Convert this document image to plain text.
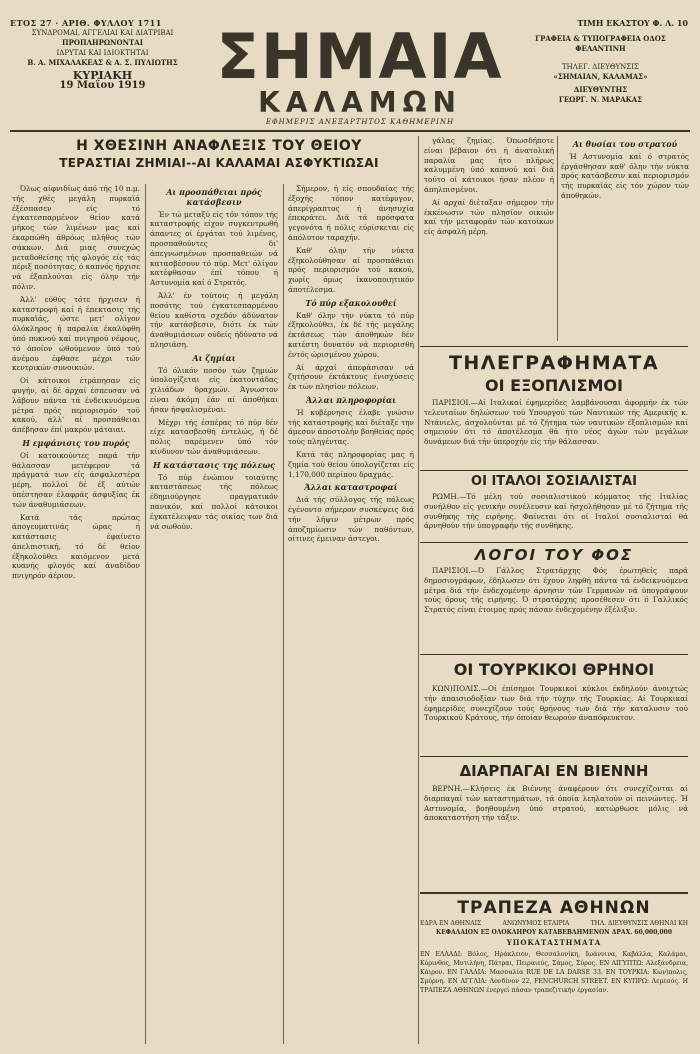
ΕΤΟΣ 27 · ΑΡΙΘ. ΦΥΛΛΟΥ 1711
ΣΥΝΔΡΟΜΑΙ, ΑΓΓΕΛΙΑΙ ΚΑΙ ΔΙΑΤΡΙΒΑΙ
ΠΡΟΠΛΗΡΩΝΟΝΤΑΙ
ΙΔΡΥΤΑΙ ΚΑΙ ΙΔΙΟΚΤΗΤΑΙ
Β. Α. ΜΙΧΑΛΑΚΕΑΣ & Α. Σ. ΠΥΛΙΩΤΗΣ
ΚΥΡΙΑΚΗ
19 Μαΐου 1919	ΣΗΜΑΙΑ
ΚΑΛΑΜΩΝ
ΕΦΗΜΕΡΙΣ ΑΝΕΞΑΡΤΗΤΟΣ ΚΑΘΗΜΕΡΙΝΗ
ΤΙΜΗ ΕΚΑΣΤΟΥ Φ. Λ. 10
ΓΡΑΦΕΙΑ & ΤΥΠΟΓΡΑΦΕΙΑ ΟΔΟΣ ΦΕΛΑΝΤΙΝΗ
ΤΗΛΕΓ. ΔΙΕΥΘΥΝΣΙΣ
«ΣΗΜΑΙΑΝ, ΚΑΛΑΜΑΣ»
ΔΙΕΥΘΥΝΤΗΣ
ΓΕΩΡΓ. Ν. ΜΑΡΑΚΑΣ
Η ΧΘΕΣΙΝΗ ΑΝΑΦΛΕΞΙΣ ΤΟΥ ΘΕΙΟΥ
ΤΕΡΑΣΤΙΑΙ ΖΗΜΙΑΙ--ΑΙ ΚΑΛΑΜΑΙ ΑΣΦΥΚΤΙΩΣΑΙ

Όλως αίφνιδίως άπό τής 10 π.μ. τής χθές μεγάλη πυρκαϊά έξέσπασεν είς τό έγκατεσπαρμένον θείον κατά μήκος τών λιμένων μας καί έκαρπώθη άθρόως πλήθος τών σάκκων. Διά μιας συνεχώς μεταδοθείσης τής φλογός είς τάς πέριξ ποσότητας, ό καπνός ήρχισε νά έξαπλούται είς όλην τήν πόλιν.

Άλλ' εύθύς τότε ήρχισεν ή καταστροφή καί ή έπεκτασις τής πυρκαϊάς, ώστε μετ' ολίγον όλόκληρος ή παραλία έκαλύφθη ύπό πυκνού καί πνιγηρού νέφους, τό όποίον ώθούμενον ύπό τού άνέμου έφθασε μέχρι τών κεντρικών συνοικιών.

Οί κάτοικοι έτράπησαν είς φυγήν, αί δέ άρχαί έσπευσαν νά λάβουν πάντα τά ένδεικνυόμενα μέτρα πρός περιορισμόν τού κακού, άλλ' αί προσπάθειαι άπέβησαν έπί μακρόν μάταιαι.

Η εμφάνισις του πυρός

Οί κατοικούντες παρά τήν θάλασσαν μετέφερον τά πράγματά των είς άσφαλεστέρα μέρη, πολλοί δέ έξ αύτών ύπέστησαν έλαφράς άσφυξίας έκ τών άναθυμιάσεων.

Κατά τάς πρώτας άπογευματινάς ώρας ή κατάστασις έφαίνετο άπελπιστική, τό δέ θείον έξηκολούθει καιόμενον μετά κυανής φλογός καί άναδίδον πνιγηρόν άέριον.

Αι προσπάθειαι πρός κατάσβεσιν

Έν τώ μεταξύ είς τόν τόπον τής καταστροφής είχον συγκεντρωθή άπαντες οί έργάται τού λιμένος, προσπαθούντες δι' άπεγνωσμένων προσπαθειών νά κατασβέσουν τό πύρ. Μετ' όλίγον κατέφθασαν έπί τόπου ή Αστυνομία καί ό Στρατός.

Άλλ' έν τούτοις ή μεγάλη ποσότης τού έγκατεσπαρμένου θείου καθίστα σχεδόν άδύνατον τήν κατάσβεσιν, διότι έκ τών άναθυμιάσεων ούδείς ήδύνατο νά πλησιάση.

Αι ζημίαι

Τό όλικόν ποσόν τών ζημιών ύπολογίζεται είς έκατοντάδας χιλιάδων δραχμών. Άγνωστον είναι άκόμη έάν αί άποθήκαι ήσαν ήσφαλισμέναι.

Μέχρι τής έσπέρας τό πύρ δέν είχε κατασβεσθή έντελώς, ή δέ πόλις παρέμενεν ύπό τόν κίνδυνον τών άναθυμιάσεων.

Η κατάστασις της πόλεως

Τό πύρ ένώπιον τοιαύτης καταστάσεως τής πόλεως έδημιούργησε πραγματικόν πανικόν, καί πολλοί κάτοικοι έγκατέλειψαν τάς οικίας των διά νά σωθούν.

Σήμερον, ή είς σπουδαίας τής έξοχής τόπον κατέφυγον, άπερίγραπτος ή άνησυχία έπεκράτει. Διά τά πρόσφατα γεγονότα ή πόλις εύρίσκεται είς άπόλυτον ταραχήν.

Καθ' όλην τήν νύκτα έξηκολούθησαν αί προσπάθειαι πρός περιορισμόν τού κακού, χωρίς όμως ίκανοποιητικόν άποτέλεσμα.

Τό πύρ εξακολουθεί

Καθ' όλην τήν νύκτα τό πύρ έξηκολούθει, έκ δέ τής μεγάλης έκτάσεως τών άποθηκών δέν κατέστη δυνατόν νά περιορισθή έντός ώρισμένου χώρου.

Αί άρχαί άπεφάσισαν νά ζητήσουν έκτάκτους ένισχύσεις έκ τών πλησίον πόλεων.

Άλλαι πληροφορίαι

Ή κυβέρνησις έλαβε γνώσιν τής καταστροφής καί διέταξε την άμεσον άποστολήν βοηθείας πρός τούς πληγέντας.

Κατά τάς πληροφορίας μας ή ζημία τού θείου ύπολογίζεται είς 1,170,000 περίπου δραχμάς.

Άλλαι καταστροφαί

Διά τής σύλλογος τής πόλεως έγένοντο σήμερον συσκέψεις διά τήν λήψιν μέτρων πρός άποζημίωσιν τών παθόντων, οίτινες έμειναν άστεγοι.

γάλας ζημίας. Όπωσδήποτε είναι βέβαιον ότι ή άνατολική παραλία μας ήτο πλήρως καλυμμένη ύπό καπνού καί διά τούτο οί κάτοικοι ήσαν πλέον ή άπηλπισμένοι.

Αί αρχαί διέταξαν σήμερον τήν έκκένωσιν τών πλησίον οικιών καί τήν μεταφοράν τών κατοίκων είς άσφαλή μέρη.

Αι θυσίαι του στρατού

Ή Αστυνομία καί ό στρατός έργάσθησαν καθ' όλην τήν νύκτα πρός κατάσβεσιν καί περιορισμόν τής πυρκαϊάς είς τόν χώρον τών άποθηκών.

ΤΗΛΕΓΡΑΦΗΜΑΤΑ
ΟΙ ΕΞΟΠΛΙΣΜΟΙ

ΠΑΡΙΣΙΟΙ.—Αί Ιταλικαί έφημερίδες λαμβάνουσαι άφορμήν έκ τών τελευταίων δηλώσεων τού Υπουργού τών Ναυτικών τής Αμερικής κ. Ντάνιελς, άσχολούνται μέ τό ζήτημα τών ναυτικών έξοπλισμών καί σημειούν ότι τό άποτέλεσμα θά ήτο νέος άγών τών μεγάλων δυνάμεων διά τήν ύπεροχήν είς τήν θάλασσαν.

ΟΙ ΙΤΑΛΟΙ ΣΟΣΙΑΛΙΣΤΑΙ

ΡΩΜΗ.—Τό μέλη τού σοσιαλιστικού κόμματος τής Ιταλίας συνήλθον είς γενικήν συνέλευσιν καί ήσχολήθησαν μέ τό ζήτημα τής συνθήκης τής ειρήνης. Φαίνεται ότι οί Ιταλοί σοσιαλισταί θά άρνηθούν τήν ύπογραφήν τής συνθήκης.

ΛΟΓΟΙ ΤΟΥ ΦΟΣ

ΠΑΡΙΣΙΟΙ.—Ό Γάλλος Στρατάρχης Φός έρωτηθείς παρά δημοσιογράφων, έδήλωσεν ότι έχουν ληφθή πάντα τά ένδεικνυόμενα μέτρα διά τήν ένδεχομένην άρνησιν τών Γερμανών νά ύπογράψουν τούς όρους τής ειρήνης. Ό στρατάρχης προσέθεσεν ότι ό Γαλλικός Στρατός είναι έτοιμος πρός πάσαν ένδεχομένην έξέλιξιν.

ΟΙ ΤΟΥΡΚΙΚΟΙ ΘΡΗΝΟΙ

ΚΩΝ)ΠΟΛΙΣ.—Οί έπίσημοι Τουρκικοί κύκλοι έκδηλούν άνοιχτώς τήν άπαισιοδοξίαν των διά τήν τύχην τής Τουρκίας. Αί Τουρκικαί έφημερίδες συνεχίζουν τούς θρήνους των διά τήν καταλυσιν τού Τουρκικού Κράτους, τήν όποίαν θεωρούν άναπόφευκτον.

ΔΙΑΡΠΑΓΑΙ ΕΝ ΒΙΕΝΝΗ

ΒΕΡΝΗ.—Κλήσεις έκ Βιέννης άναφέρουν ότι συνεχίζονται αί διαρπαγαί τών καταστημάτων, τά όποία λεηλατούν οί πεινώντες. Ή Αστυνομία, βοηθουμένη ύπό στρατού, κατώρθωσε μόλις νά άποκαταστήση τήν τάξιν.

ΤΡΑΠΕΖΑ ΑΘΗΝΩΝ
ΕΔΡΑ ΕΝ ΑΘΗΝΑΙΣ	ΑΝΩΝΥΜΟΣ ΕΤΑΙΡΙΑ	ΤΗΛ. ΔΙΕΥΘΥΝΣΙΣ ΑΘΗΝΑΙ ΚΗ
ΚΕΦΑΛΑΙΟΝ ΕΞ ΟΛΟΚΛΗΡΟΥ ΚΑΤΑΒΕΒΛΗΜΕΝΟΝ ΔΡΑΧ. 60,000,000
ΥΠΟΚΑΤΑΣΤΗΜΑΤΑ
ΕΝ ΕΛΛΑΔΙ: Βόλος, Ηράκλειον, Θεσσαλονίκη, Ιωάννινα, Καβάλλα, Καλάμαι, Κόρινθος, Μυτιλήνη, Πάτραι, Πειραιεύς, Σάμος, Σύρος. ΕΝ ΑΙΓΥΠΤΩ: Αλεξάνδρεια, Κάιρον. ΕΝ ΓΑΛΛΙΑ: Μασσαλία RUE DE LA DARSE 33. ΕΝ ΤΟΥΡΚΙΑ: Κων)πολις, Σμύρνη. ΕΝ ΑΓΓΛΙΑ: Λονδίνον 22, FENCHURCH STREET. ΕΝ ΚΥΠΡΩ: Λεμεσός. Η ΤΡΑΠΕΖΑ ΑΘΗΝΩΝ ένεργεί πάσαν τραπεζιτικήν έργασίαν.
